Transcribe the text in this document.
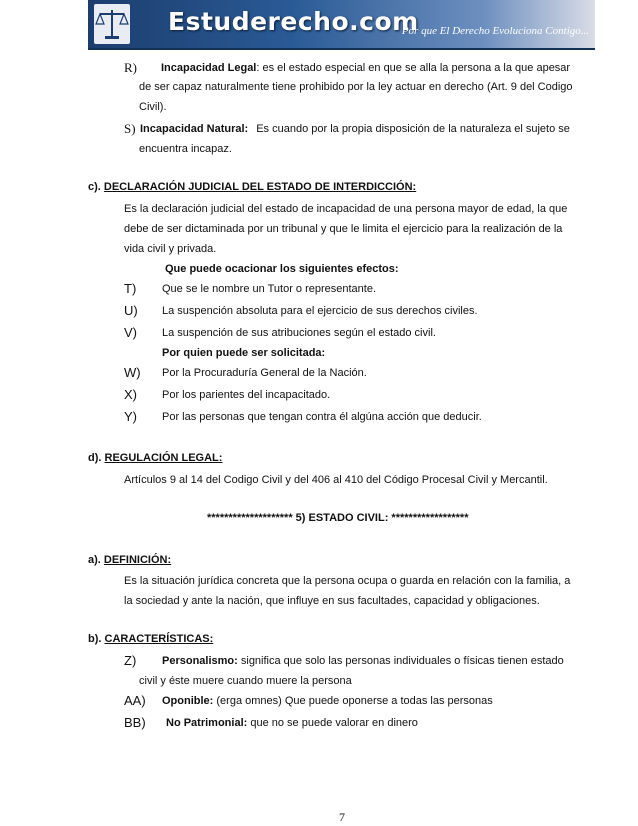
Estuderecho.com
Por que El Derecho Evoluciona Contigo...
R) Incapacidad Legal: es el estado especial en que se alla la persona a la que apesar
de ser capaz naturalmente tiene prohibido por la ley actuar en derecho (Art. 9 del Codigo
Civil).
S) Incapacidad Natural: Es cuando por la propia disposición de la naturaleza el sujeto se
encuentra incapaz.
c). DECLARACIÓN JUDICIAL DEL ESTADO DE INTERDICCIÓN:
Es la declaración judicial del estado de incapacidad de una persona mayor de edad, la que
debe de ser dictaminada por un tribunal y que le limita el ejercicio para la realización de la
vida civil y privada.
Que puede ocacionar los siguientes efectos:
T) Que se le nombre un Tutor o representante.
U) La suspención absoluta para el ejercicio de sus derechos civiles.
V) La suspención de sus atribuciones según el estado civil.
Por quien puede ser solicitada:
W) Por la Procuraduría General de la Nación.
X) Por los parientes del incapacitado.
Y) Por las personas que tengan contra él algúna acción que deducir.
d). REGULACIÓN LEGAL:
Artículos 9 al 14 del Codigo Civil y del 406 al 410 del Código Procesal Civil y Mercantil.
******************** 5) ESTADO CIVIL: ******************
a). DEFINICIÓN:
Es la situación jurídica concreta que la persona ocupa o guarda en relación con la familia, a
la sociedad y ante la nación, que influye en sus facultades, capacidad y obligaciones.
b). CARACTERÍSTICAS:
Z) Personalismo: significa que solo las personas individuales o físicas tienen estado
civil y éste muere cuando muere la persona
AA) Oponible: (erga omnes) Que puede oponerse a todas las personas
BB) No Patrimonial: que no se puede valorar en dinero
7
